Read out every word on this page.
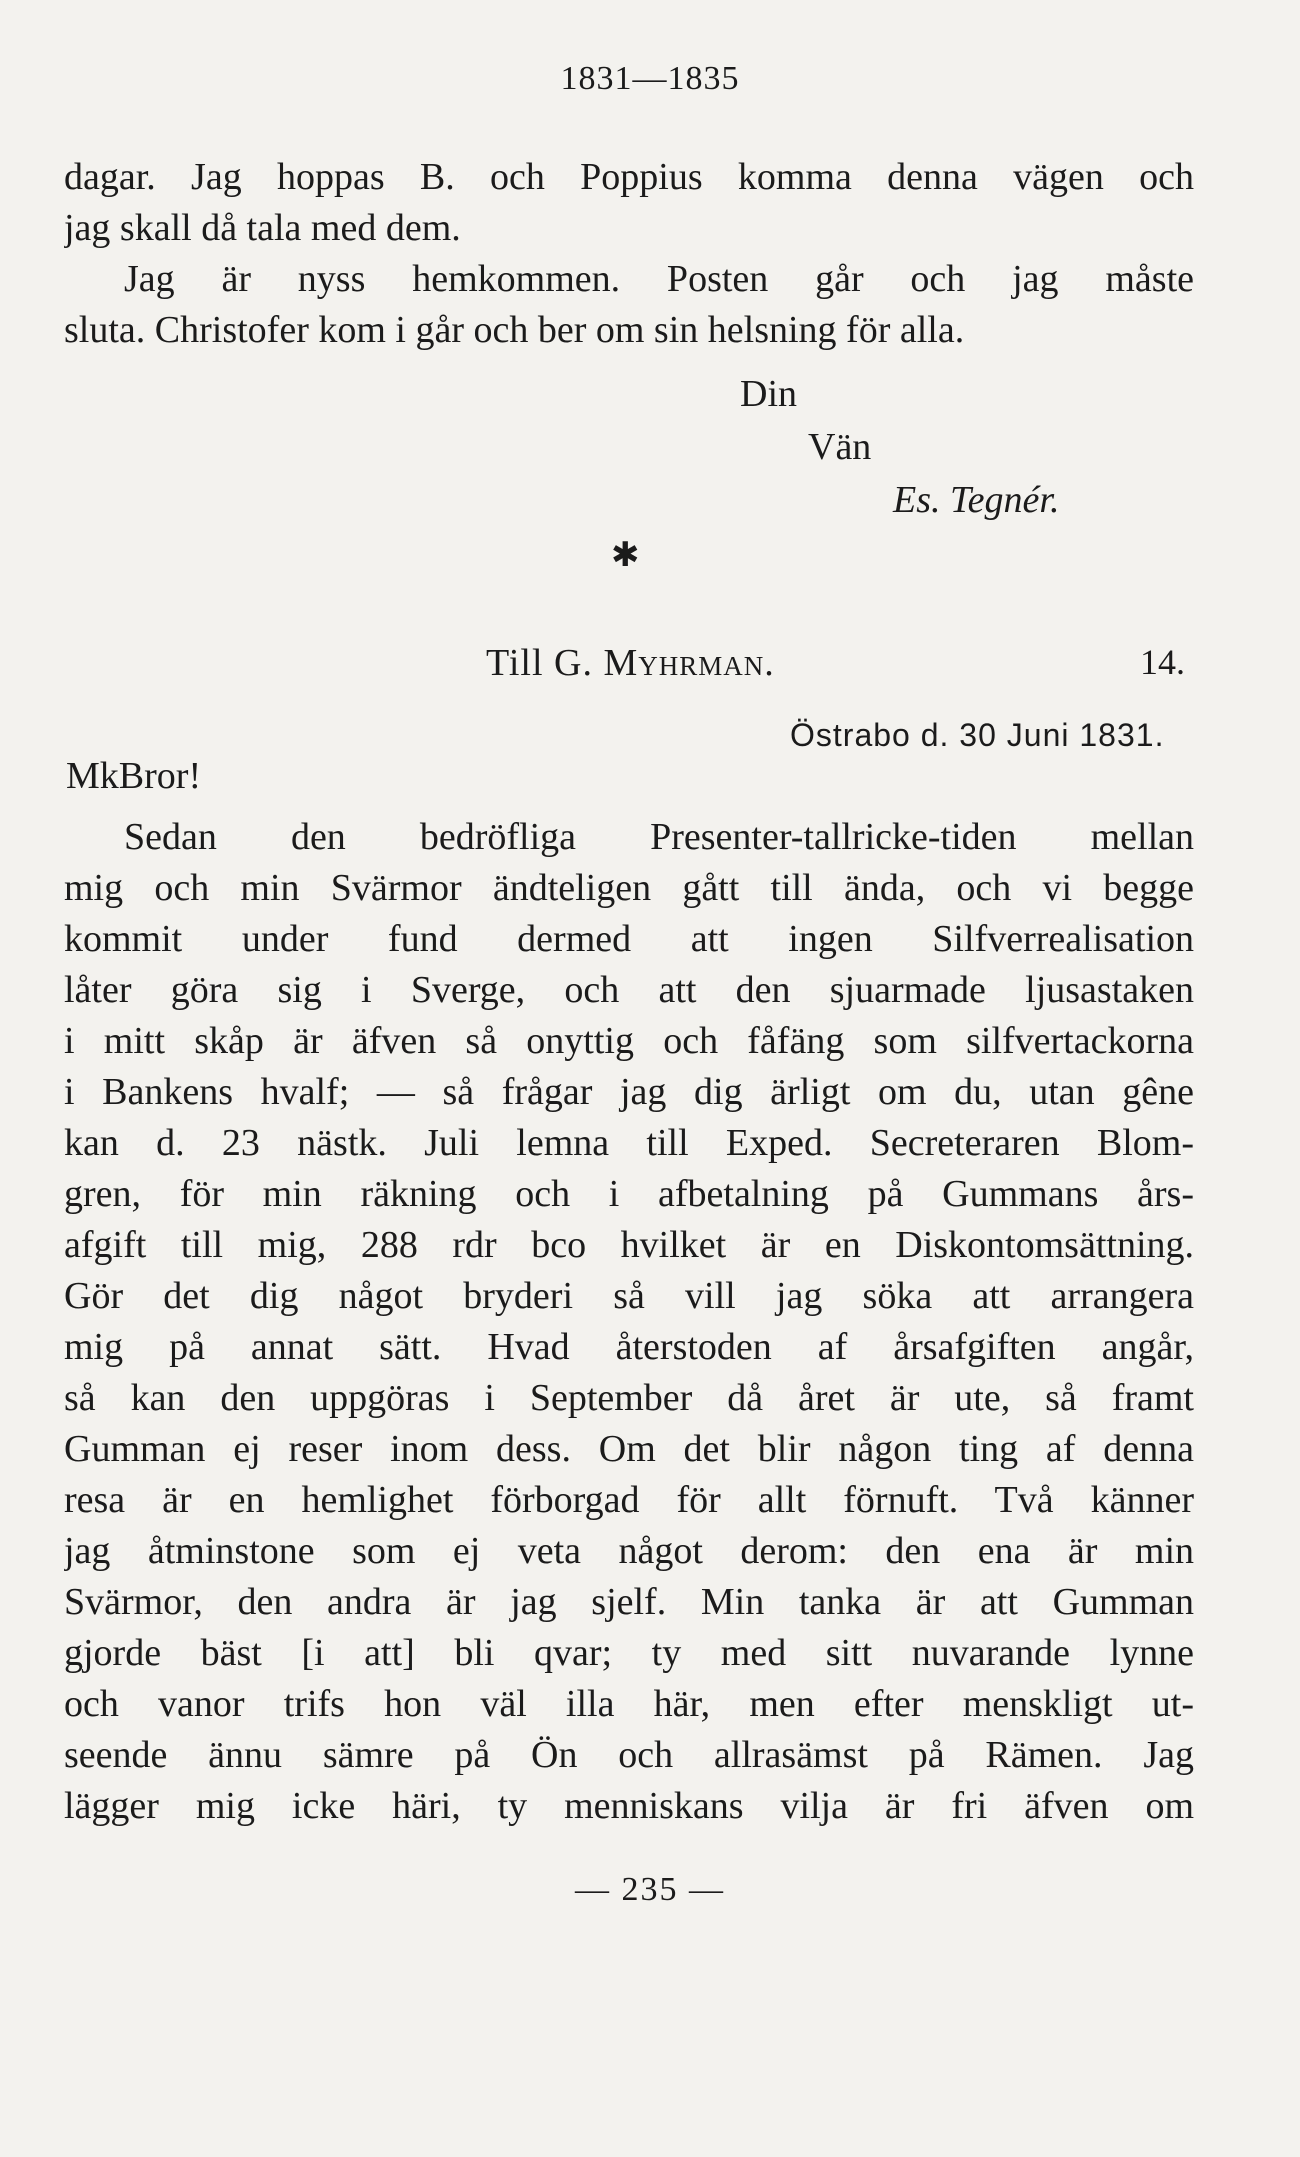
1831—1835
dagar. Jag hoppas B. och Poppius komma denna vägen och
jag skall då tala med dem.
Jag är nyss hemkommen. Posten går och jag måste
sluta. Christofer kom i går och ber om sin helsning för alla.
Din
Vän
Es. Tegnér.
✱
Till G. Myhrman.	14.
Östrabo d. 30 Juni 1831.
MkBror!
Sedan den bedröfliga Presenter-tallricke-tiden mellan
mig och min Svärmor ändteligen gått till ända, och vi begge
kommit under fund dermed att ingen Silfverrealisation
låter göra sig i Sverge, och att den sjuarmade ljusastaken
i mitt skåp är äfven så onyttig och fåfäng som silfvertackorna
i Bankens hvalf; — så frågar jag dig ärligt om du, utan gêne
kan d. 23 nästk. Juli lemna till Exped. Secreteraren Blom-
gren, för min räkning och i afbetalning på Gummans års-
afgift till mig, 288 rdr bco hvilket är en Diskontomsättning.
Gör det dig något bryderi så vill jag söka att arrangera
mig på annat sätt. Hvad återstoden af årsafgiften angår,
så kan den uppgöras i September då året är ute, så framt
Gumman ej reser inom dess. Om det blir någon ting af denna
resa är en hemlighet förborgad för allt förnuft. Två känner
jag åtminstone som ej veta något derom: den ena är min
Svärmor, den andra är jag sjelf. Min tanka är att Gumman
gjorde bäst [i att] bli qvar; ty med sitt nuvarande lynne
och vanor trifs hon väl illa här, men efter menskligt ut-
seende ännu sämre på Ön och allrasämst på Rämen. Jag
lägger mig icke häri, ty menniskans vilja är fri äfven om
— 235 —
